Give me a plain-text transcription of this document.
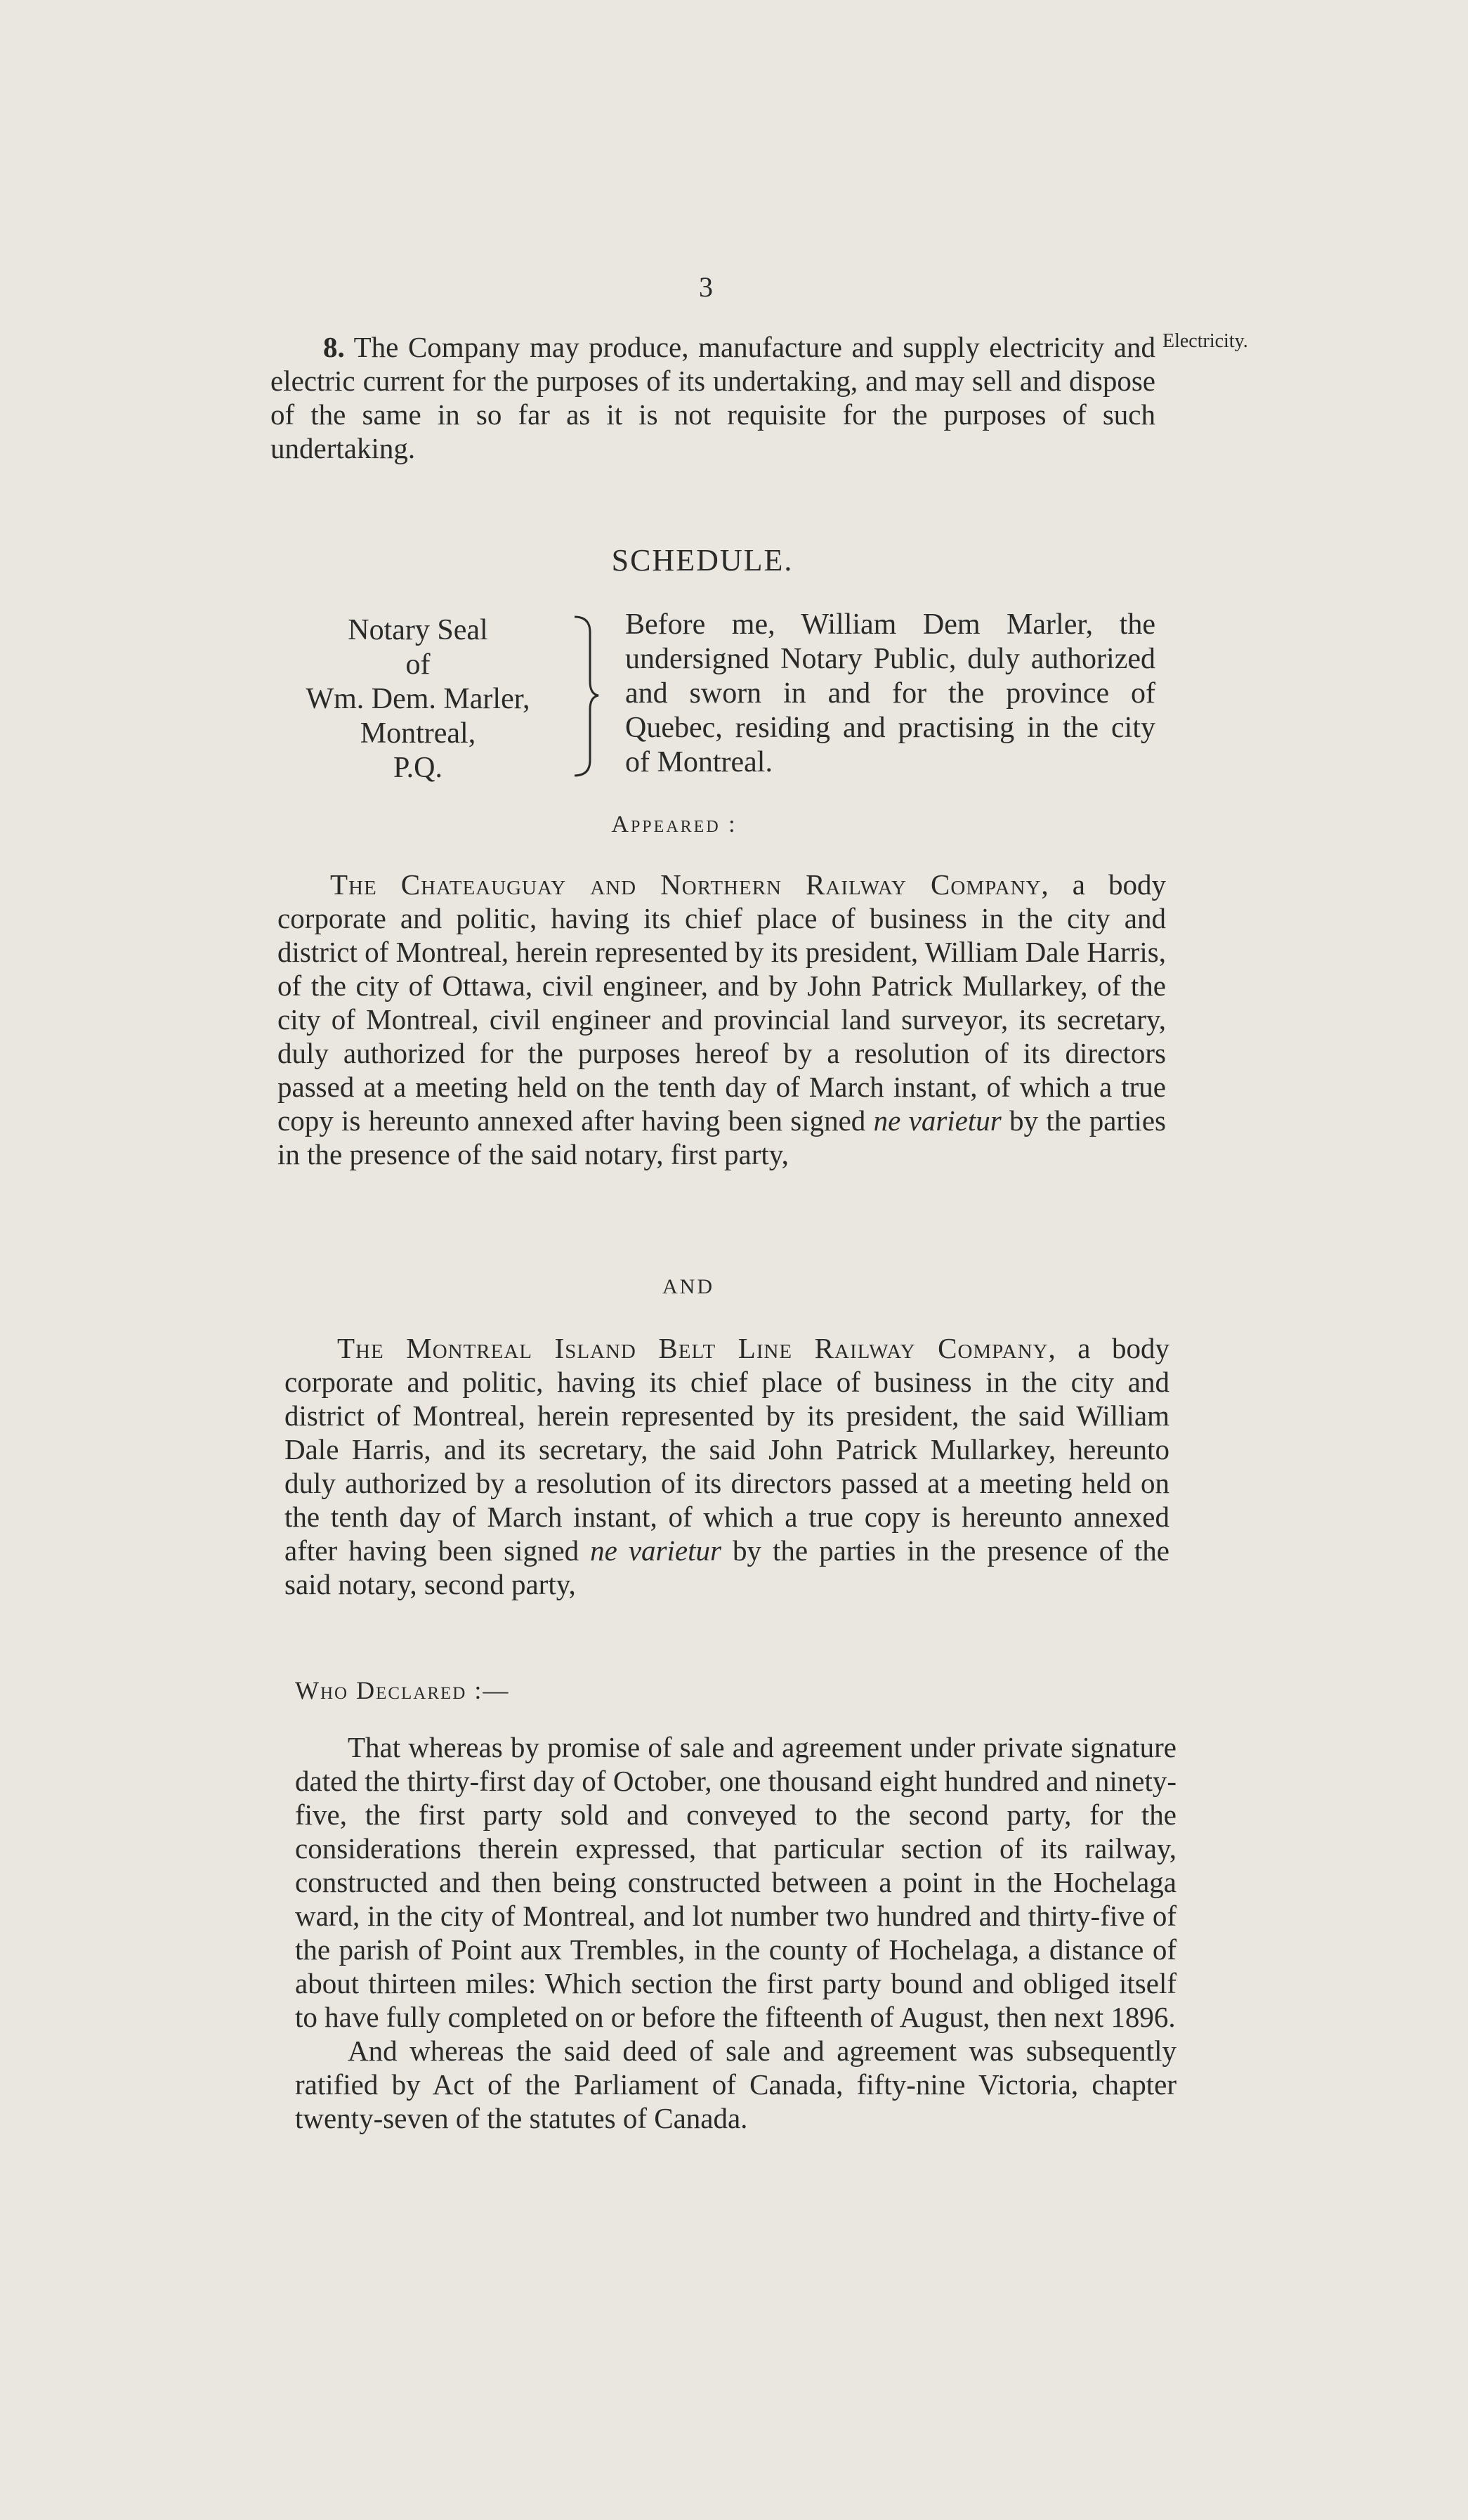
3

8. The Company may produce, manufacture and supply electricity and electric current for the purposes of its undertaking, and may sell and dispose of the same in so far as it is not requisite for the purposes of such undertaking.

Electricity.
SCHEDULE.
Notary Seal
of
Wm. Dem. Marler,
Montreal,
P.Q.
Before me, William Dem Marler, the undersigned Notary Public, duly authorized and sworn in and for the province of Quebec, residing and practising in the city of Montreal.
Appeared :

The Chateauguay and Northern Railway Company, a body corporate and politic, having its chief place of business in the city and district of Montreal, herein represented by its president, William Dale Harris, of the city of Ottawa, civil engineer, and by John Patrick Mullarkey, of the city of Montreal, civil engineer and provincial land surveyor, its secretary, duly authorized for the purposes hereof by a resolution of its directors passed at a meeting held on the tenth day of March instant, of which a true copy is hereunto annexed after having been signed ne varietur by the parties in the presence of the said notary, first party,

AND

The Montreal Island Belt Line Railway Company, a body corporate and politic, having its chief place of business in the city and district of Montreal, herein represented by its president, the said William Dale Harris, and its secretary, the said John Patrick Mullarkey, hereunto duly authorized by a resolution of its directors passed at a meeting held on the tenth day of March instant, of which a true copy is hereunto annexed after having been signed ne varietur by the parties in the presence of the said notary, second party,

Who Declared :—

That whereas by promise of sale and agreement under private signature dated the thirty-first day of October, one thousand eight hundred and ninety-five, the first party sold and conveyed to the second party, for the considerations therein expressed, that particular section of its railway, constructed and then being constructed between a point in the Hochelaga ward, in the city of Montreal, and lot number two hundred and thirty-five of the parish of Point aux Trembles, in the county of Hochelaga, a distance of about thirteen miles: Which section the first party bound and obliged itself to have fully completed on or before the fifteenth of August, then next 1896.

And whereas the said deed of sale and agreement was subsequently ratified by Act of the Parliament of Canada, fifty-nine Victoria, chapter twenty-seven of the statutes of Canada.
